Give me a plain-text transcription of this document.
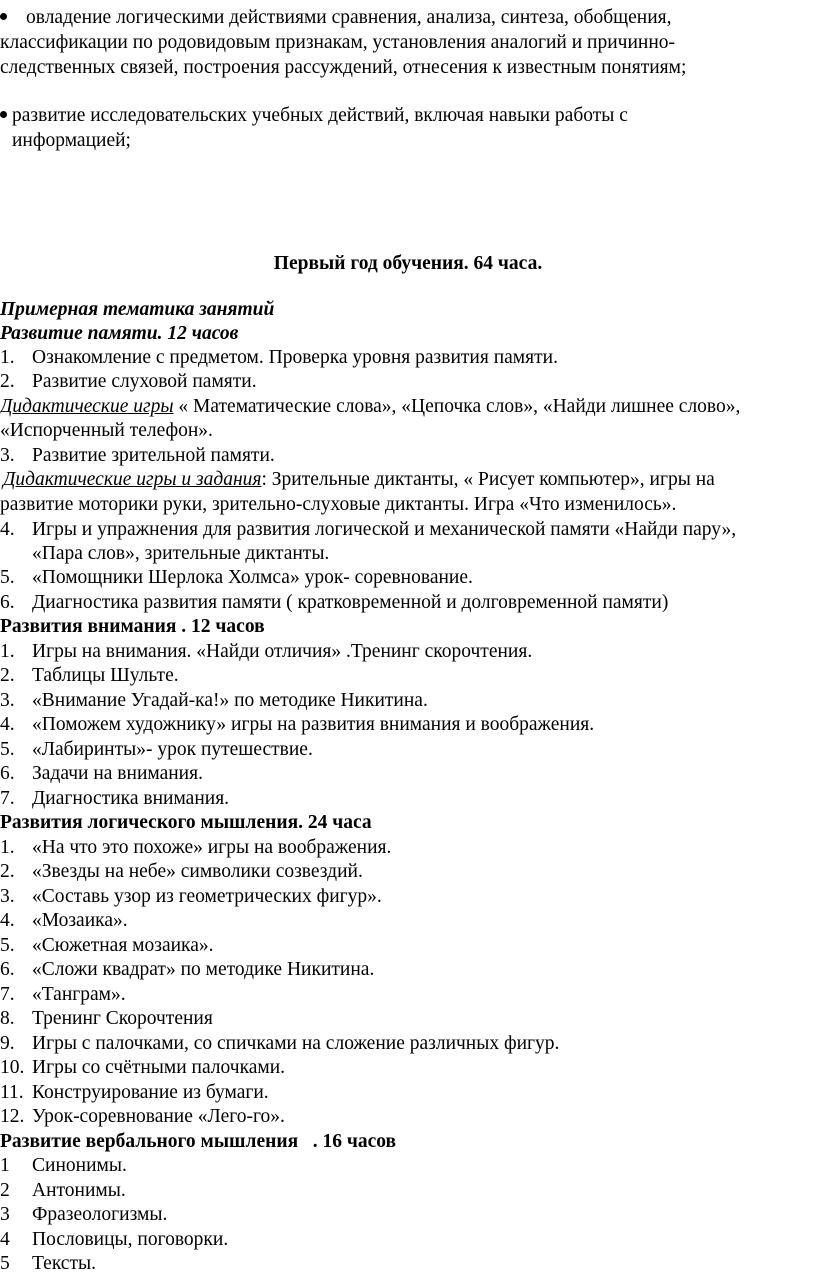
овладение логическими действиями сравнения, анализа, синтеза, обобщения,
классификации по родовидовым признакам, установления аналогий и причинно-
следственных связей, построения рассуждений, отнесения к известным понятиям;
развитие исследовательских учебных действий, включая навыки работы с
информацией;
Первый год обучения. 64 часа.
Примерная тематика занятий
Развитие памяти. 12 часов
1. Ознакомление с предметом. Проверка уровня развития памяти.
2. Развитие слуховой памяти.
Дидактические игры « Математические слова», «Цепочка слов», «Найди лишнее слово»,
«Испорченный телефон».
3. Развитие зрительной памяти.
Дидактические игры и задания: Зрительные диктанты, « Рисует компьютер», игры на
развитие моторики руки, зрительно-слуховые диктанты. Игра «Что изменилось».
4. Игры и упражнения для развития логической и механической памяти «Найди пару»,
«Пара слов», зрительные диктанты.
5. «Помощники Шерлока Холмса» урок- соревнование.
6. Диагностика развития памяти ( кратковременной и долговременной памяти)
Развития внимания . 12 часов
1. Игры на внимания. «Найди отличия» .Тренинг скорочтения.
2. Таблицы Шульте.
3. «Внимание Угадай-ка!» по методике Никитина.
4. «Поможем художнику» игры на развития внимания и воображения.
5. «Лабиринты»- урок путешествие.
6. Задачи на внимания.
7. Диагностика внимания.
Развития логического мышления. 24 часа
1. «На что это похоже» игры на воображения.
2. «Звезды на небе» символики созвездий.
3. «Составь узор из геометрических фигур».
4. «Мозаика».
5. «Сюжетная мозаика».
6. «Сложи квадрат» по методике Никитина.
7. «Танграм».
8. Тренинг Скорочтения
9. Игры с палочками, со спичками на сложение различных фигур.
10. Игры со счётными палочками.
11. Конструирование из бумаги.
12. Урок-соревнование «Лего-го».
Развитие вербального мышления   . 16 часов
1 Синонимы.
2 Антонимы.
3 Фразеологизмы.
4 Пословицы, поговорки.
5 Тексты.
